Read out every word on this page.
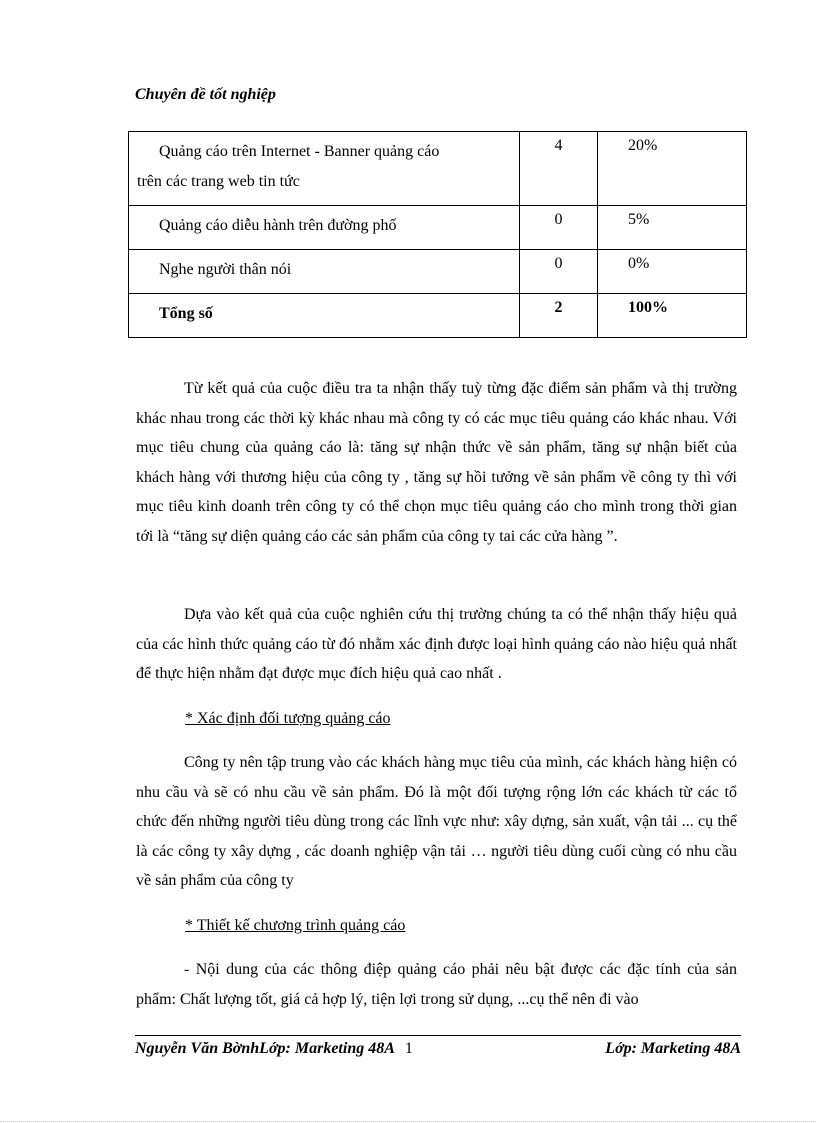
Chuyên đề tốt nghiệp
Quảng cáo trên Internet - Banner quảng cáo
trên các trang web tin tức	4	20%
Quảng cáo diễu hành trên đường phố	0	5%
Nghe người thân nói	0	0%
Tổng số	2	100%

Từ kết quả của cuộc điều tra ta nhận thấy tuỳ từng đặc điểm sản phẩm và thị trường khác nhau trong các thời kỳ khác nhau mà công ty có các mục tiêu quảng cáo khác nhau. Với mục tiêu chung của quảng cáo là: tăng sự nhận thức về sản phẩm, tăng sự nhận biết của khách hàng với thương hiệu của công ty , tăng sự hồi tưởng về sản phẩm về công ty thì với mục tiêu kinh doanh trên công ty có thể chọn mục tiêu quảng cáo cho mình trong thời gian tới là “tăng sự diện quảng cáo các sản phẩm của công ty tai các cửa hàng ”.

Dựa vào kết quả của cuộc nghiên cứu thị trường chúng ta có thể nhận thấy hiệu quả của các hình thức quảng cáo từ đó nhằm xác định được loại hình quảng cáo nào hiệu quả nhất để thực hiện nhằm đạt được mục đích hiệu quả cao nhất .

* Xác định đối tượng quảng cáo

Công ty nên tập trung vào các khách hàng mục tiêu của mình, các khách hàng hiện có nhu cầu và sẽ có nhu cầu về sản phẩm. Đó là một đối tượng rộng lớn các khách từ các tổ chức đến những người tiêu dùng trong các lĩnh vực như: xây dựng, sản xuất, vận tải ... cụ thể là các công ty xây dựng , các doanh nghiệp vận tải … người tiêu dùng cuối cùng có nhu cầu về sản phẩm của công ty

* Thiết kế chương trình quảng cáo

- Nội dung của các thông điệp quảng cáo phải nêu bật được các đặc tính của sản phẩm: Chất lượng tốt, giá cả hợp lý, tiện lợi trong sử dụng, ...cụ thể nên đi vào

Nguyễn Văn BờnhLớp: Marketing 48A 1	Lớp: Marketing 48A
